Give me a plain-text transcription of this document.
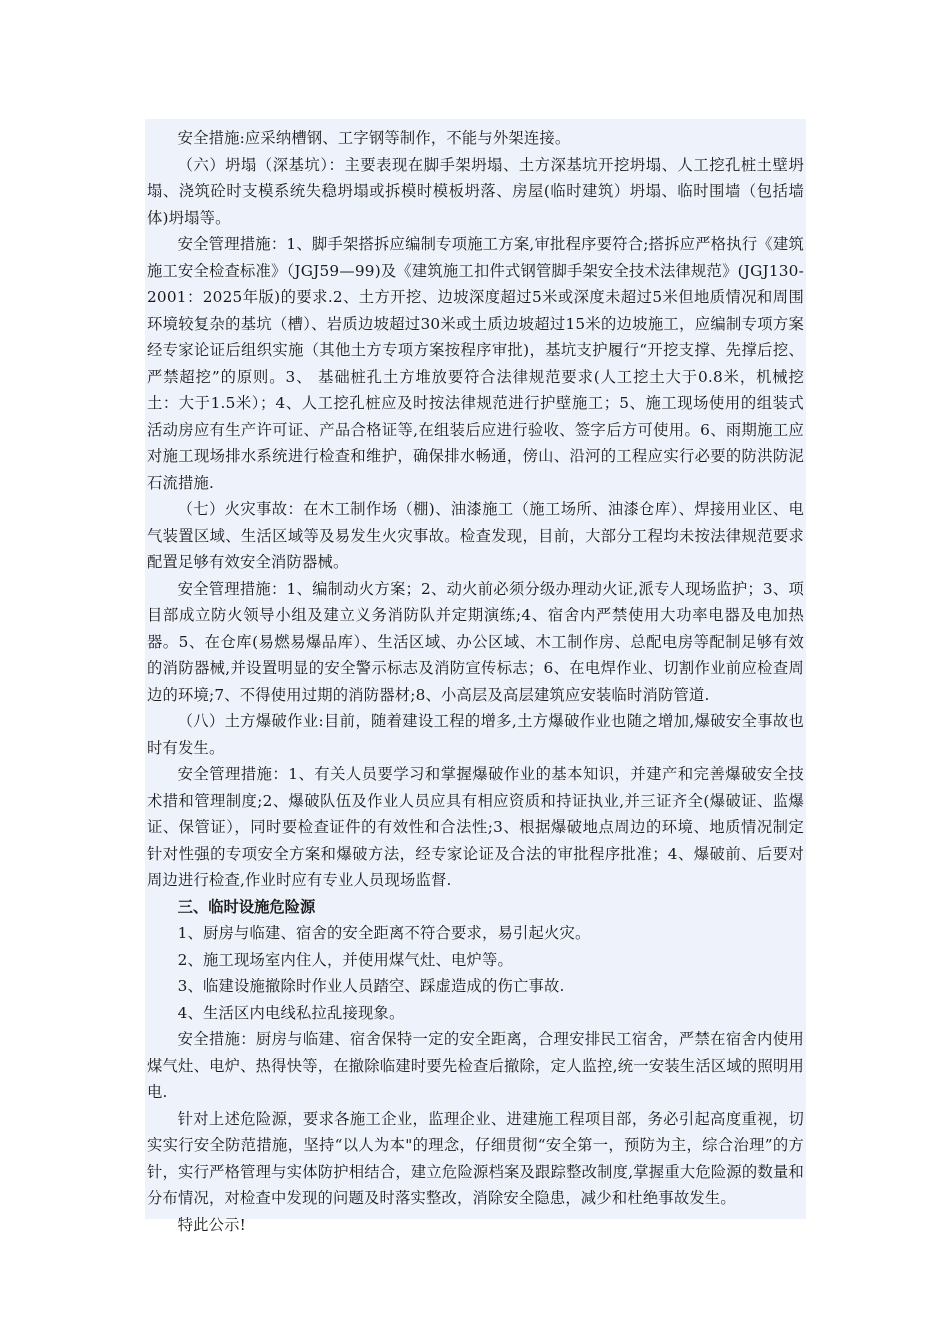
安全措施:应采纳槽钢、工字钢等制作，不能与外架连接。

（六）坍塌（深基坑）：主要表现在脚手架坍塌、土方深基坑开挖坍塌、人工挖孔桩土壁坍塌、浇筑砼时支模系统失稳坍塌或拆模时模板坍落、房屋(临时建筑）坍塌、临时围墙（包括墙体)坍塌等。

安全管理措施：1、脚手架搭拆应编制专项施工方案,审批程序要符合;搭拆应严格执行《建筑施工安全检查标准》（JGJ59—99)及《建筑施工扣件式钢管脚手架安全技术法律规范》(JGJ130-2001：2025年版)的要求.2、土方开挖、边坡深度超过5米或深度未超过5米但地质情况和周围环境较复杂的基坑（槽）、岩质边坡超过30米或土质边坡超过15米的边坡施工，应编制专项方案经专家论证后组织实施（其他土方专项方案按程序审批)，基坑支护履行“开挖支撑、先撑后挖、严禁超挖”的原则。3、 基础桩孔土方堆放要符合法律规范要求(人工挖土大于0.8米，机械挖土：大于1.5米）；4、人工挖孔桩应及时按法律规范进行护壁施工；5、施工现场使用的组装式活动房应有生产许可证、产品合格证等,在组装后应进行验收、签字后方可使用。6、雨期施工应对施工现场排水系统进行检查和维护，确保排水畅通，傍山、沿河的工程应实行必要的防洪防泥石流措施.

（七）火灾事故：在木工制作场（棚)、油漆施工（施工场所、油漆仓库）、焊接用业区、电气装置区域、生活区域等及易发生火灾事故。检查发现，目前，大部分工程均未按法律规范要求配置足够有效安全消防器械。

安全管理措施：1、编制动火方案；2、动火前必须分级办理动火证,派专人现场监护；3、项目部成立防火领导小组及建立义务消防队并定期演练;4、宿舍内严禁使用大功率电器及电加热器。5、在仓库(易燃易爆品库）、生活区域、办公区域、木工制作房、总配电房等配制足够有效的消防器械,并设置明显的安全警示标志及消防宣传标志；6、在电焊作业、切割作业前应检查周边的环境;7、不得使用过期的消防器材;8、小高层及高层建筑应安装临时消防管道.

（八）土方爆破作业:目前，随着建设工程的增多,土方爆破作业也随之增加,爆破安全事故也时有发生。

安全管理措施：1、有关人员要学习和掌握爆破作业的基本知识，并建产和完善爆破安全技术措和管理制度;2、爆破队伍及作业人员应具有相应资质和持证执业,并三证齐全(爆破证、监爆证、保管证），同时要检查证件的有效性和合法性;3、根据爆破地点周边的环境、地质情况制定针对性强的专项安全方案和爆破方法，经专家论证及合法的审批程序批准；4、爆破前、后要对周边进行检查,作业时应有专业人员现场监督.

三、临时设施危险源

1、厨房与临建、宿舍的安全距离不符合要求，易引起火灾。

2、施工现场室内住人，并使用煤气灶、电炉等。

3、临建设施撤除时作业人员踏空、踩虚造成的伤亡事故.

4、生活区内电线私拉乱接现象。

安全措施：厨房与临建、宿舍保特一定的安全距离，合理安排民工宿舍，严禁在宿舍内使用煤气灶、电炉、热得快等，在撤除临建时要先检查后撤除，定人监控,统一安装生活区域的照明用电.

针对上述危险源，要求各施工企业，监理企业、进建施工程项目部，务必引起高度重视，切实实行安全防范措施，坚持“以人为本"的理念，仔细贯彻“安全第一，预防为主，综合治理”的方针，实行严格管理与实体防护相结合，建立危险源档案及跟踪整改制度,掌握重大危险源的数量和分布情况，对检查中发现的问题及时落实整改，消除安全隐患，减少和杜绝事故发生。

特此公示!
